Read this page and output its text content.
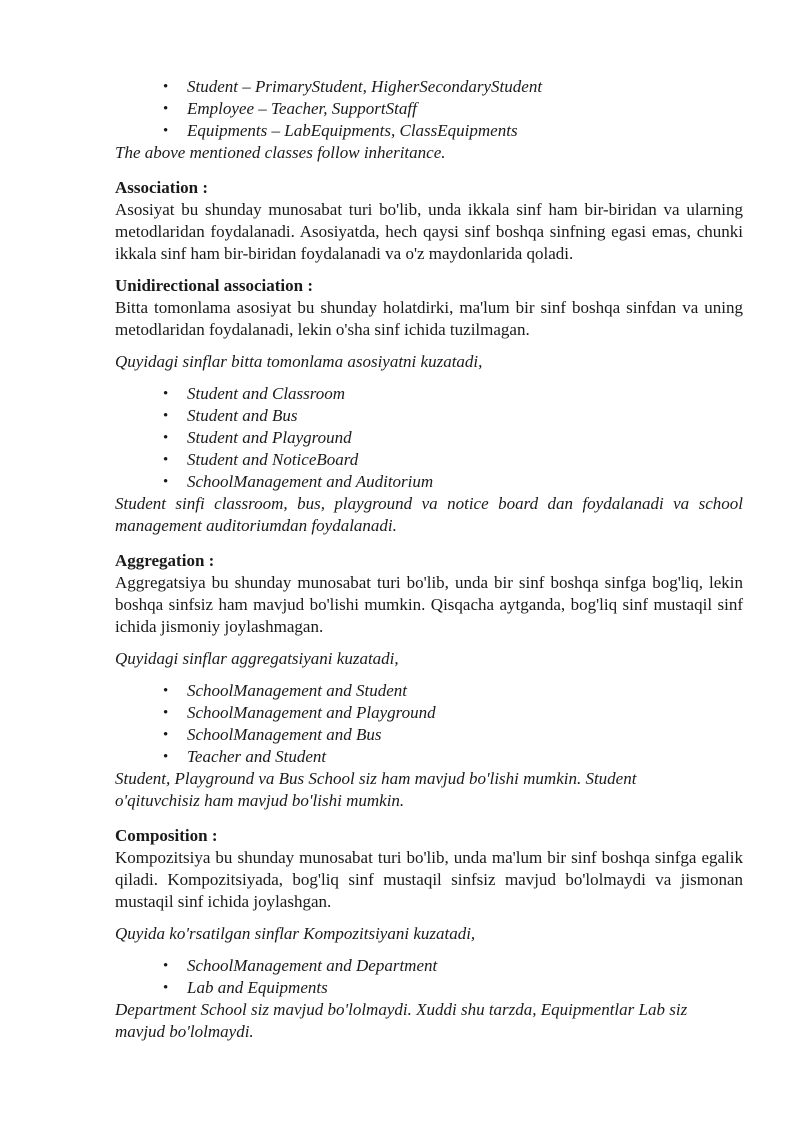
• Student – PrimaryStudent, HigherSecondaryStudent
• Employee – Teacher, SupportStaff
• Equipments – LabEquipments, ClassEquipments
The above mentioned classes follow inheritance.
Association :
Asosiyat bu shunday munosabat turi bo'lib, unda ikkala sinf ham bir-biridan va ularning metodlaridan foydalanadi. Asosiyatda, hech qaysi sinf boshqa sinfning egasi emas, chunki ikkala sinf ham bir-biridan foydalanadi va o'z maydonlarida qoladi.
Unidirectional association :
Bitta tomonlama asosiyat bu shunday holatdirki, ma'lum bir sinf boshqa sinfdan va uning metodlaridan foydalanadi, lekin o'sha sinf ichida tuzilmagan.
Quyidagi sinflar bitta tomonlama asosiyatni kuzatadi,
• Student and Classroom
• Student and Bus
• Student and Playground
• Student and NoticeBoard
• SchoolManagement and Auditorium
Student sinfi classroom, bus, playground va notice board dan foydalanadi va school management auditoriumdan foydalanadi.
Aggregation :
Aggregatsiya bu shunday munosabat turi bo'lib, unda bir sinf boshqa sinfga bog'liq, lekin boshqa sinfsiz ham mavjud bo'lishi mumkin. Qisqacha aytganda, bog'liq sinf mustaqil sinf ichida jismoniy joylashmagan.
Quyidagi sinflar aggregatsiyani kuzatadi,
• SchoolManagement and Student
• SchoolManagement and Playground
• SchoolManagement and Bus
• Teacher and Student
Student, Playground va Bus School siz ham mavjud bo'lishi mumkin. Student o'qituvchisiz ham mavjud bo'lishi mumkin.
Composition :
Kompozitsiya bu shunday munosabat turi bo'lib, unda ma'lum bir sinf boshqa sinfga egalik qiladi. Kompozitsiyada, bog'liq sinf mustaqil sinfsiz mavjud bo'lolmaydi va jismonan mustaqil sinf ichida joylashgan.
Quyida ko'rsatilgan sinflar Kompozitsiyani kuzatadi,
• SchoolManagement and Department
• Lab and Equipments
Department School siz mavjud bo'lolmaydi. Xuddi shu tarzda, Equipmentlar Lab siz mavjud bo'lolmaydi.
